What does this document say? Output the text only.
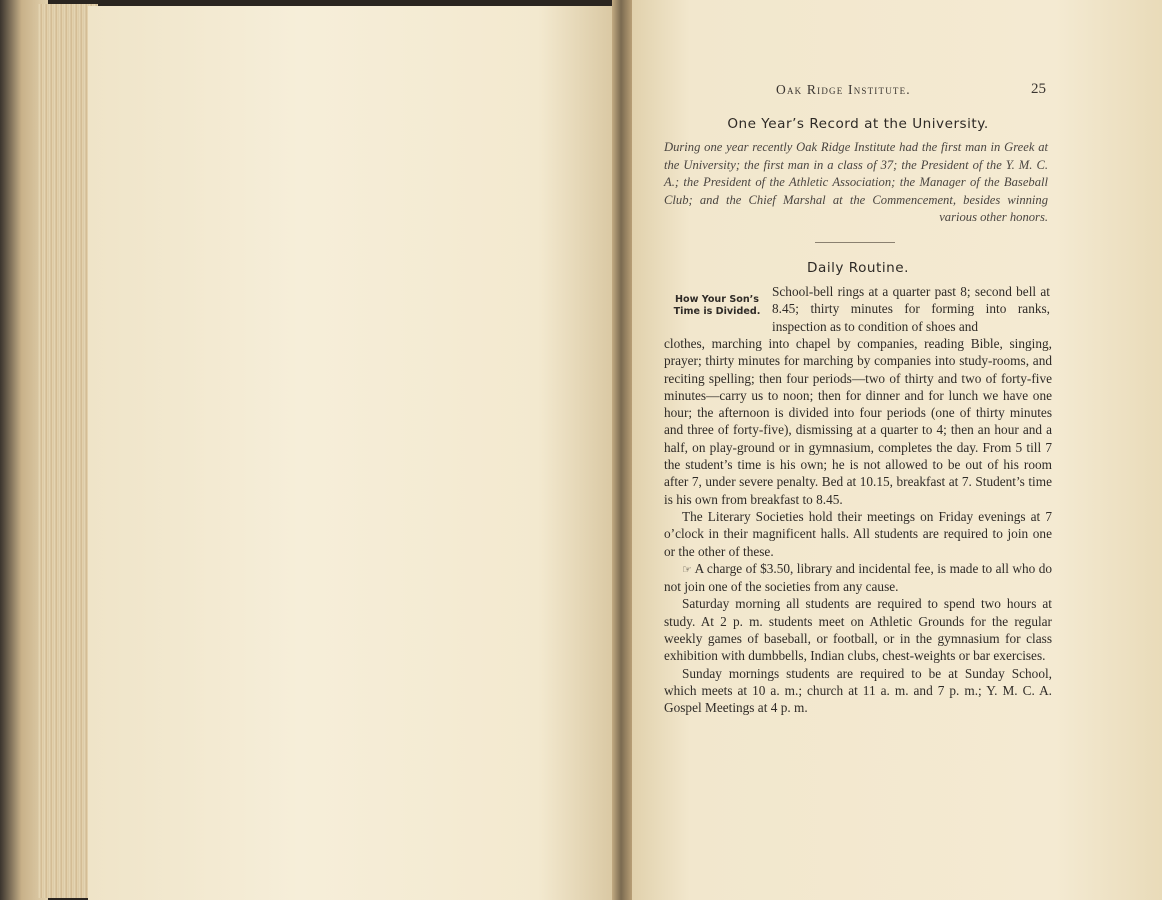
Oak Ridge Institute.	25
One Year’s Record at the University.
During one year recently Oak Ridge Institute had the first man in Greek at the University; the first man in a class of 37; the President of the Y. M. C. A.; the President of the Athletic Association; the Manager of the Baseball Club; and the Chief Marshal at the Commencement, besides winning various other honors.
Daily Routine.
How Your Son’s Time is Divided.
School-bell rings at a quarter past 8; second bell at 8.45; thirty minutes for forming into ranks, inspection as to condition of shoes and

clothes, marching into chapel by companies, reading Bible, singing, prayer; thirty minutes for marching by companies into study-rooms, and reciting spelling; then four periods—two of thirty and two of forty-five minutes—carry us to noon; then for dinner and for lunch we have one hour; the afternoon is divided into four periods (one of thirty minutes and three of forty-five), dismissing at a quarter to 4; then an hour and a half, on play-ground or in gymnasium, completes the day. From 5 till 7 the student’s time is his own; he is not allowed to be out of his room after 7, under severe penalty. Bed at 10.15, breakfast at 7. Student’s time is his own from breakfast to 8.45.

The Literary Societies hold their meetings on Friday evenings at 7 o’clock in their magnificent halls. All students are required to join one or the other of these.

☞ A charge of $3.50, library and incidental fee, is made to all who do not join one of the societies from any cause.

Saturday morning all students are required to spend two hours at study. At 2 p. m. students meet on Athletic Grounds for the regular weekly games of baseball, or football, or in the gymnasium for class exhibition with dumbbells, Indian clubs, chest-weights or bar exercises.

Sunday mornings students are required to be at Sunday School, which meets at 10 a. m.; church at 11 a. m. and 7 p. m.; Y. M. C. A. Gospel Meetings at 4 p. m.
